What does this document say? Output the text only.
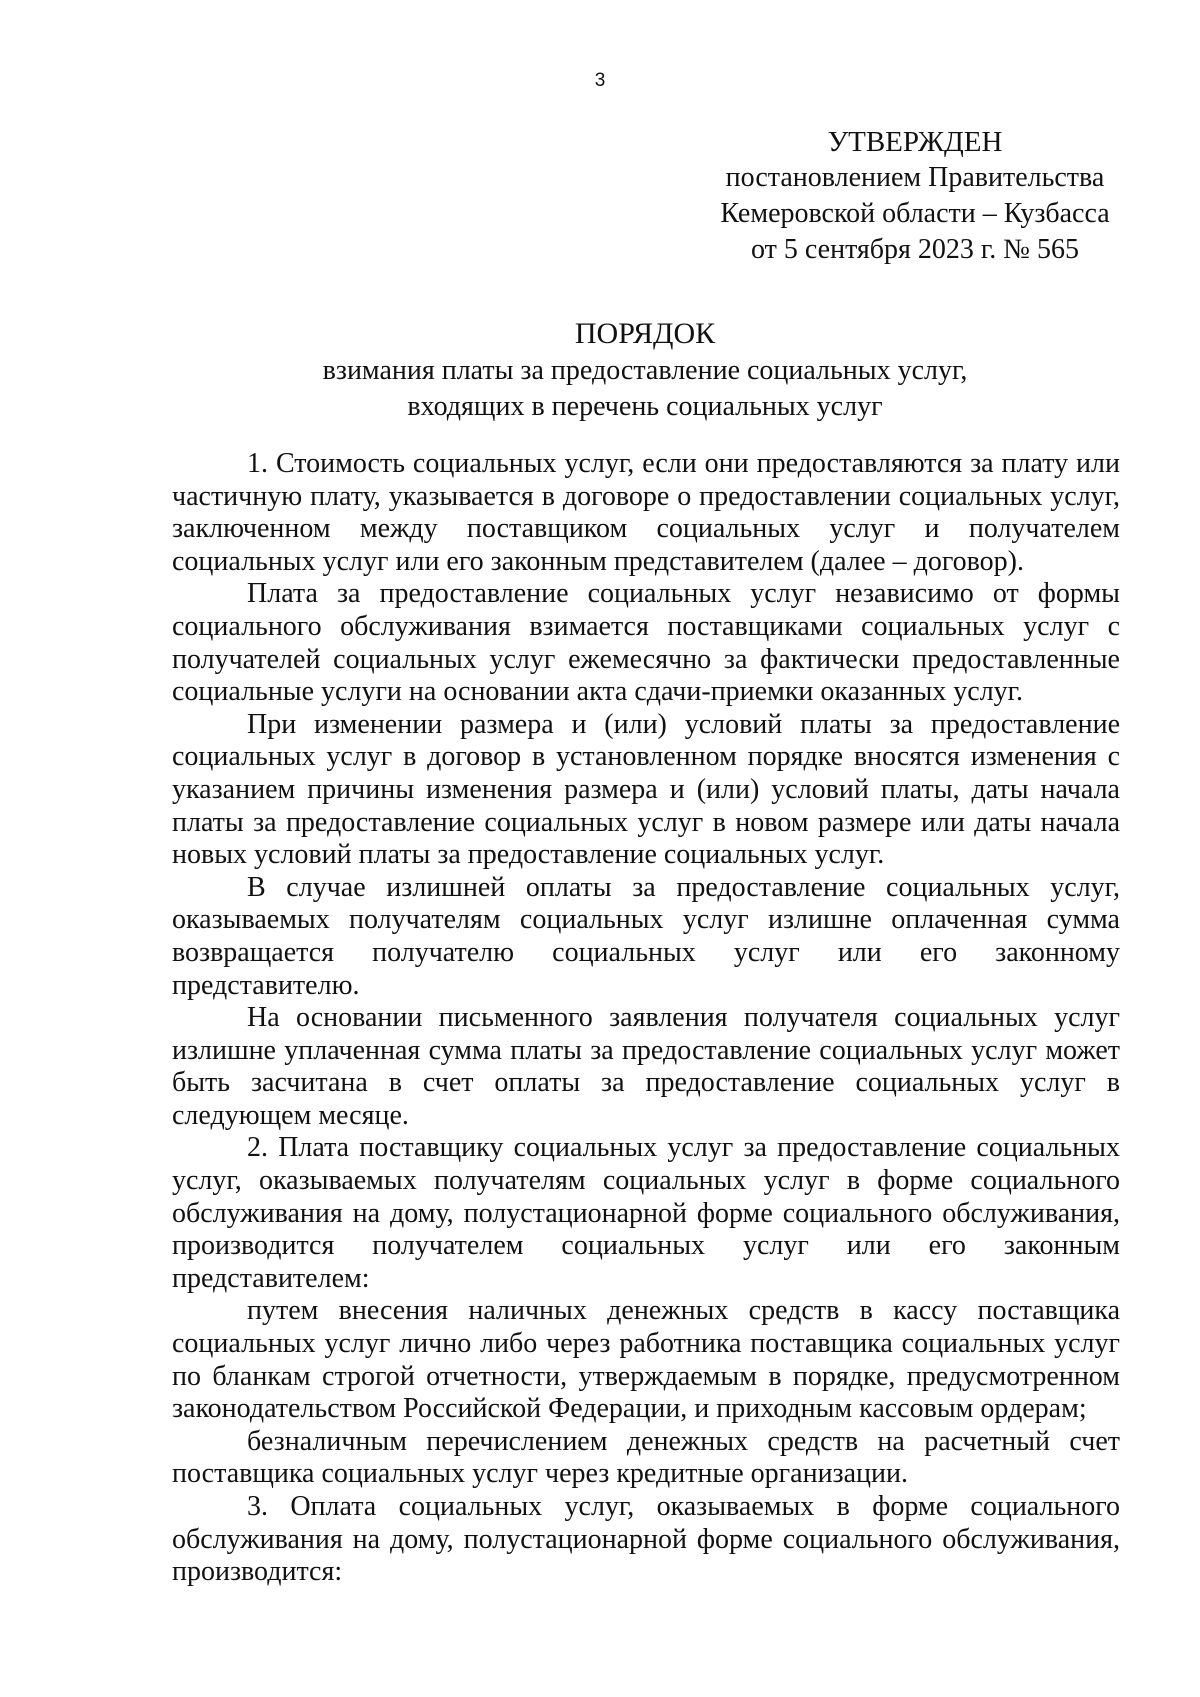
3
УТВЕРЖДЕН
постановлением Правительства
Кемеровской области – Кузбасса
от 5 сентября 2023 г. № 565
ПОРЯДОК
взимания платы за предоставление социальных услуг,
входящих в перечень социальных услуг

1. Стоимость социальных услуг, если они предоставляются за плату или частичную плату, указывается в договоре о предоставлении социальных услуг, заключенном между поставщиком социальных услуг и получателем социальных услуг или его законным представителем (далее – договор).

Плата за предоставление социальных услуг независимо от формы социального обслуживания взимается поставщиками социальных услуг с получателей социальных услуг ежемесячно за фактически предоставленные социальные услуги на основании акта сдачи-приемки оказанных услуг.

При изменении размера и (или) условий платы за предоставление социальных услуг в договор в установленном порядке вносятся изменения с указанием причины изменения размера и (или) условий платы, даты начала платы за предоставление социальных услуг в новом размере или даты начала новых условий платы за предоставление социальных услуг.

В случае излишней оплаты за предоставление социальных услуг, оказываемых получателям социальных услуг излишне оплаченная сумма возвращается получателю социальных услуг или его законному представителю.

На основании письменного заявления получателя социальных услуг излишне уплаченная сумма платы за предоставление социальных услуг может быть засчитана в счет оплаты за предоставление социальных услуг в следующем месяце.

2. Плата поставщику социальных услуг за предоставление социальных услуг, оказываемых получателям социальных услуг в форме социального обслуживания на дому, полустационарной форме социального обслуживания, производится получателем социальных услуг или его законным представителем:

путем внесения наличных денежных средств в кассу поставщика социальных услуг лично либо через работника поставщика социальных услуг по бланкам строгой отчетности, утверждаемым в порядке, предусмотренном законодательством Российской Федерации, и приходным кассовым ордерам;

безналичным перечислением денежных средств на расчетный счет поставщика социальных услуг через кредитные организации.

3. Оплата социальных услуг, оказываемых в форме социального обслуживания на дому, полустационарной форме социального обслуживания, производится:
